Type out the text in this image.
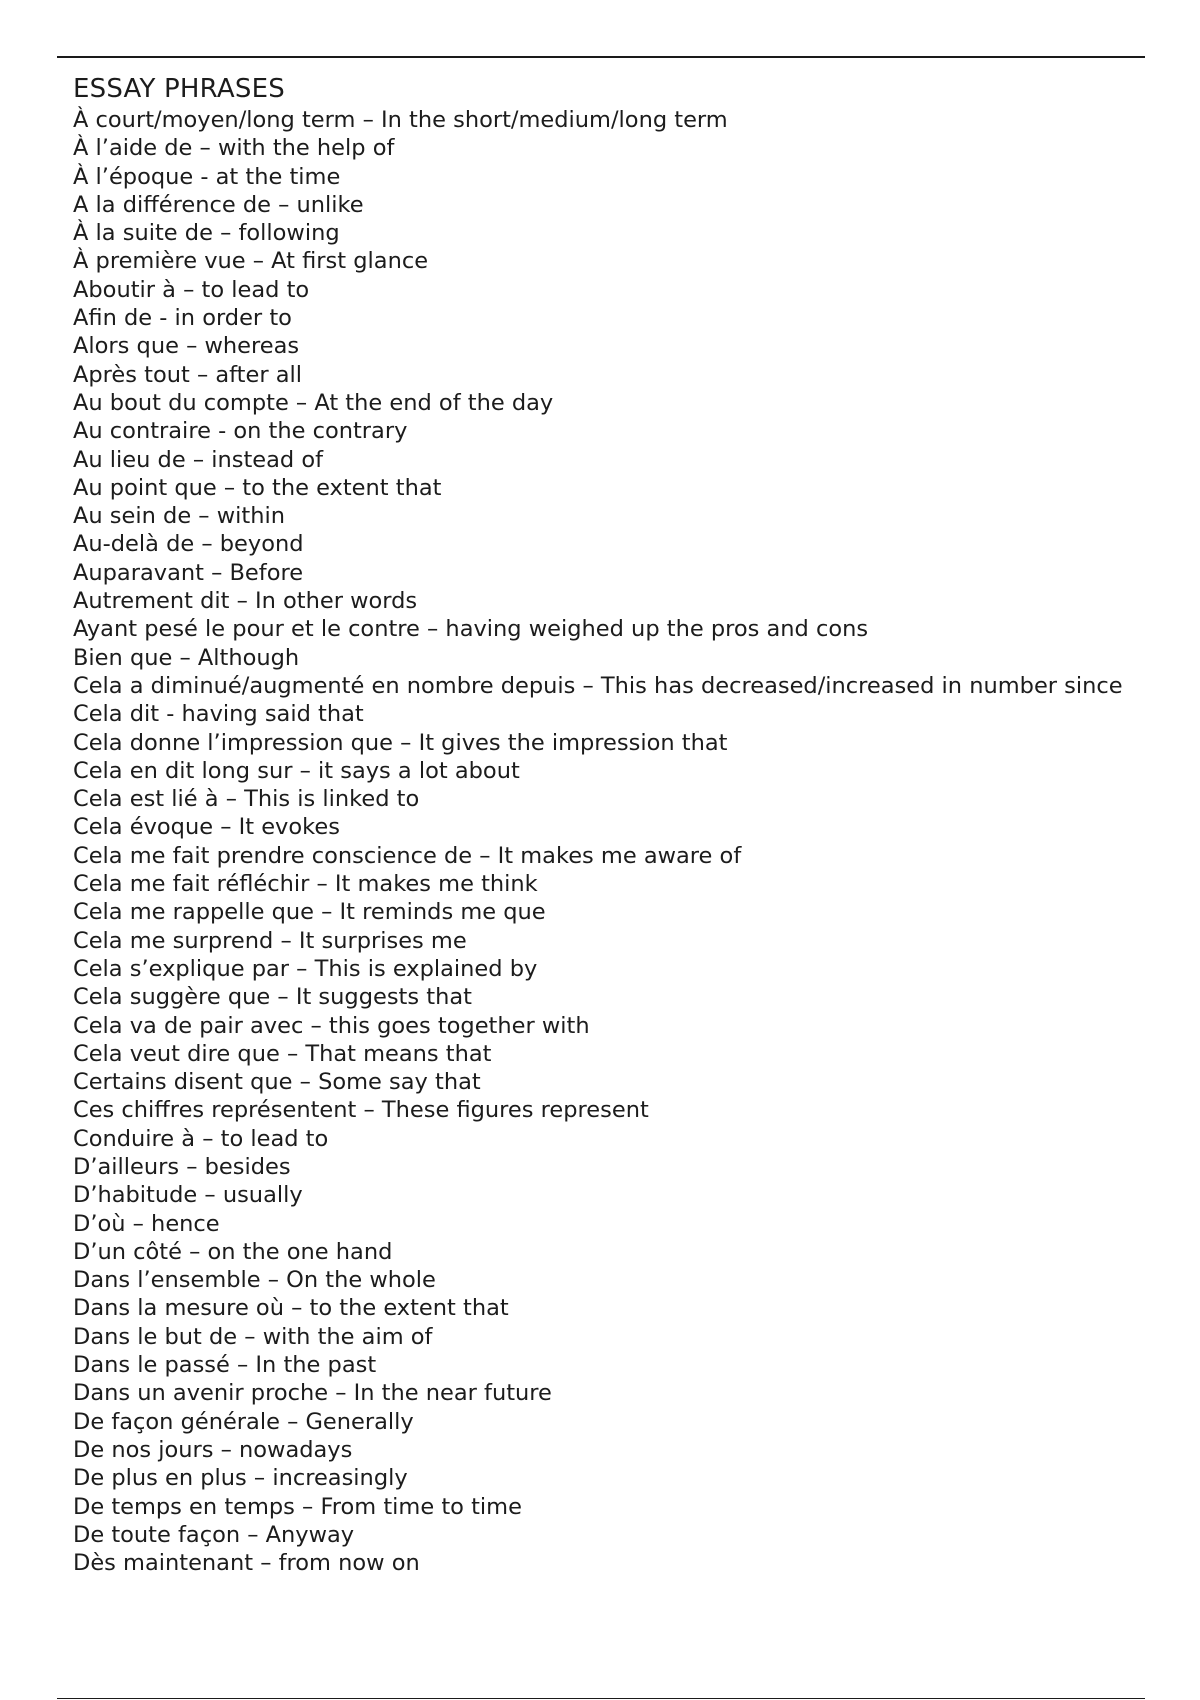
ESSAY PHRASES
À court/moyen/long term – In the short/medium/long term
À l’aide de – with the help of
À l’époque - at the time
A la différence de – unlike
À la suite de – following
À première vue – At first glance
Aboutir à – to lead to
Afin de - in order to
Alors que – whereas
Après tout – after all
Au bout du compte – At the end of the day
Au contraire - on the contrary
Au lieu de – instead of
Au point que – to the extent that
Au sein de – within
Au-delà de – beyond
Auparavant – Before
Autrement dit – In other words
Ayant pesé le pour et le contre – having weighed up the pros and cons
Bien que – Although
Cela a diminué/augmenté en nombre depuis – This has decreased/increased in number since
Cela dit - having said that
Cela donne l’impression que – It gives the impression that
Cela en dit long sur – it says a lot about
Cela est lié à – This is linked to
Cela évoque – It evokes
Cela me fait prendre conscience de – It makes me aware of
Cela me fait réfléchir – It makes me think
Cela me rappelle que – It reminds me que
Cela me surprend – It surprises me
Cela s’explique par – This is explained by
Cela suggère que – It suggests that
Cela va de pair avec – this goes together with
Cela veut dire que – That means that
Certains disent que – Some say that
Ces chiffres représentent – These figures represent
Conduire à – to lead to
D’ailleurs – besides
D’habitude – usually
D’où – hence
D’un côté – on the one hand
Dans l’ensemble – On the whole
Dans la mesure où – to the extent that
Dans le but de – with the aim of
Dans le passé – In the past
Dans un avenir proche – In the near future
De façon générale – Generally
De nos jours – nowadays
De plus en plus – increasingly
De temps en temps – From time to time
De toute façon – Anyway
Dès maintenant – from now on
